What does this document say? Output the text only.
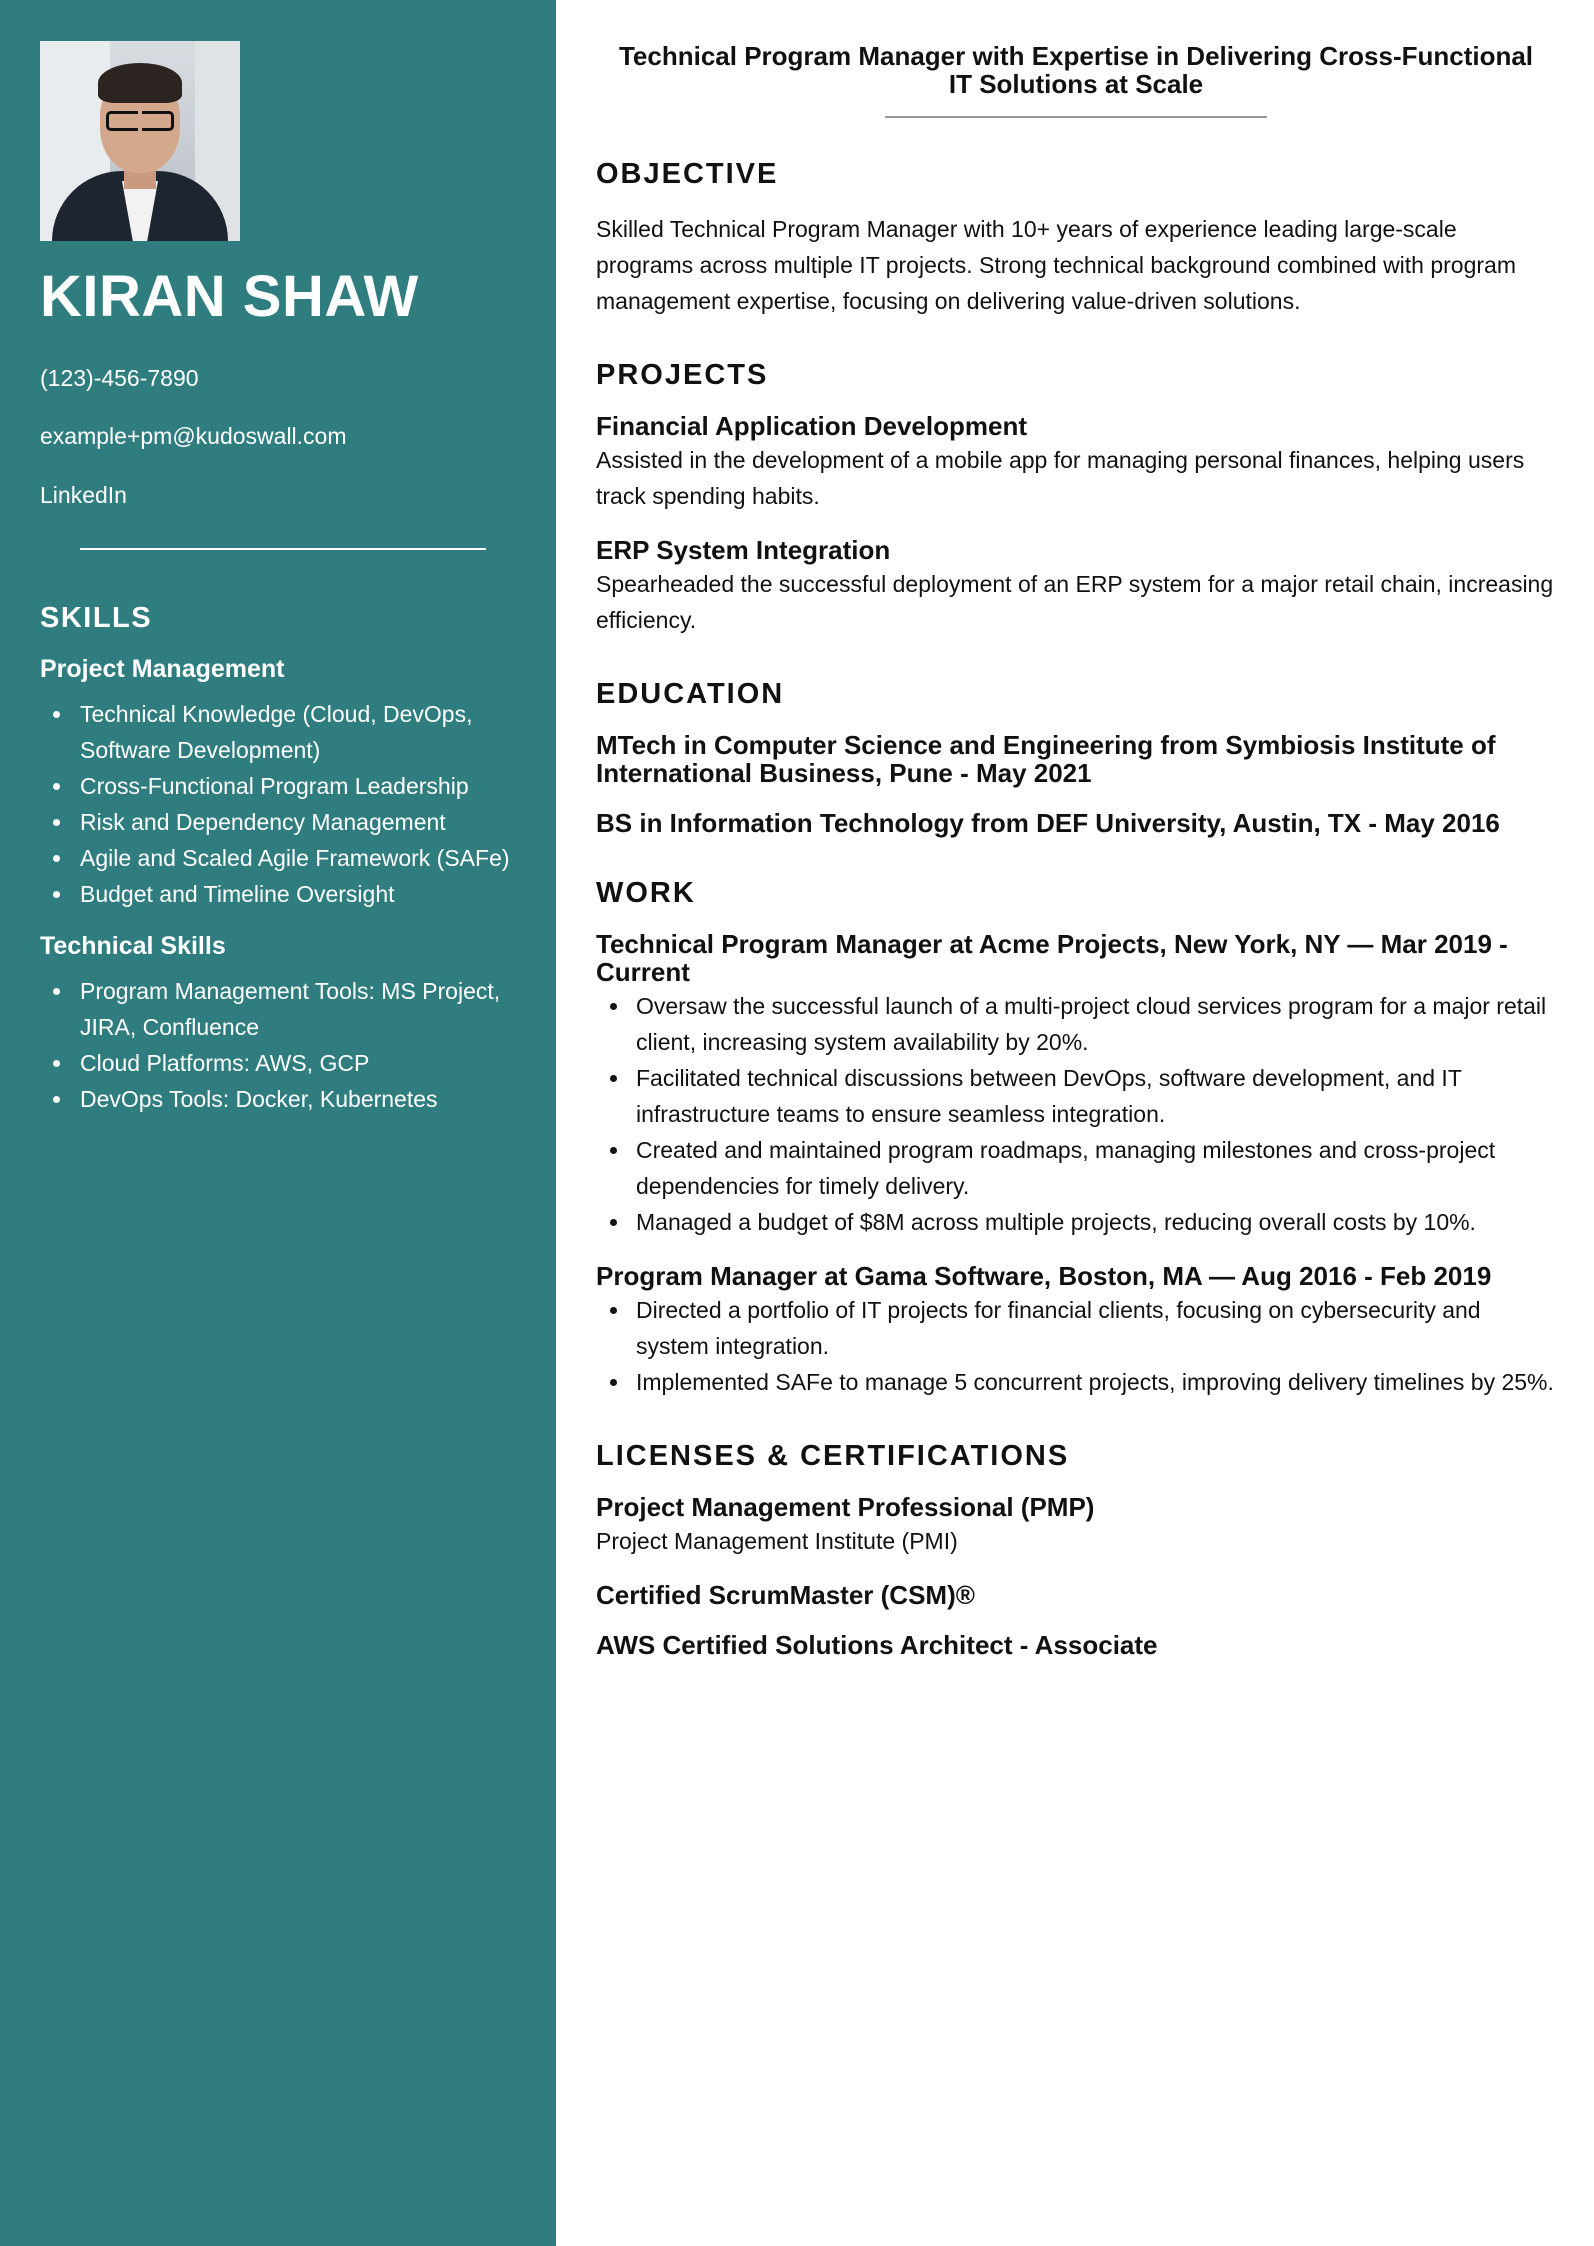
KIRAN SHAW
(123)-456-7890
example+pm@kudoswall.com
LinkedIn
SKILLS
Project Management
Technical Knowledge (Cloud, DevOps, Software Development)
Cross-Functional Program Leadership
Risk and Dependency Management
Agile and Scaled Agile Framework (SAFe)
Budget and Timeline Oversight
Technical Skills
Program Management Tools: MS Project, JIRA, Confluence
Cloud Platforms: AWS, GCP
DevOps Tools: Docker, Kubernetes
Technical Program Manager with Expertise in Delivering Cross-Functional IT Solutions at Scale
OBJECTIVE
Skilled Technical Program Manager with 10+ years of experience leading large-scale programs across multiple IT projects. Strong technical background combined with program management expertise, focusing on delivering value-driven solutions.
PROJECTS
Financial Application Development
Assisted in the development of a mobile app for managing personal finances, helping users track spending habits.
ERP System Integration
Spearheaded the successful deployment of an ERP system for a major retail chain, increasing efficiency.
EDUCATION
MTech in Computer Science and Engineering from Symbiosis Institute of International Business, Pune - May 2021
BS in Information Technology from DEF University, Austin, TX - May 2016
WORK
Technical Program Manager at Acme Projects, New York, NY — Mar 2019 - Current
Oversaw the successful launch of a multi-project cloud services program for a major retail client, increasing system availability by 20%.
Facilitated technical discussions between DevOps, software development, and IT infrastructure teams to ensure seamless integration.
Created and maintained program roadmaps, managing milestones and cross-project dependencies for timely delivery.
Managed a budget of $8M across multiple projects, reducing overall costs by 10%.
Program Manager at Gama Software, Boston, MA — Aug 2016 - Feb 2019
Directed a portfolio of IT projects for financial clients, focusing on cybersecurity and system integration.
Implemented SAFe to manage 5 concurrent projects, improving delivery timelines by 25%.
LICENSES & CERTIFICATIONS
Project Management Professional (PMP)
Project Management Institute (PMI)
Certified ScrumMaster (CSM)®
AWS Certified Solutions Architect - Associate
